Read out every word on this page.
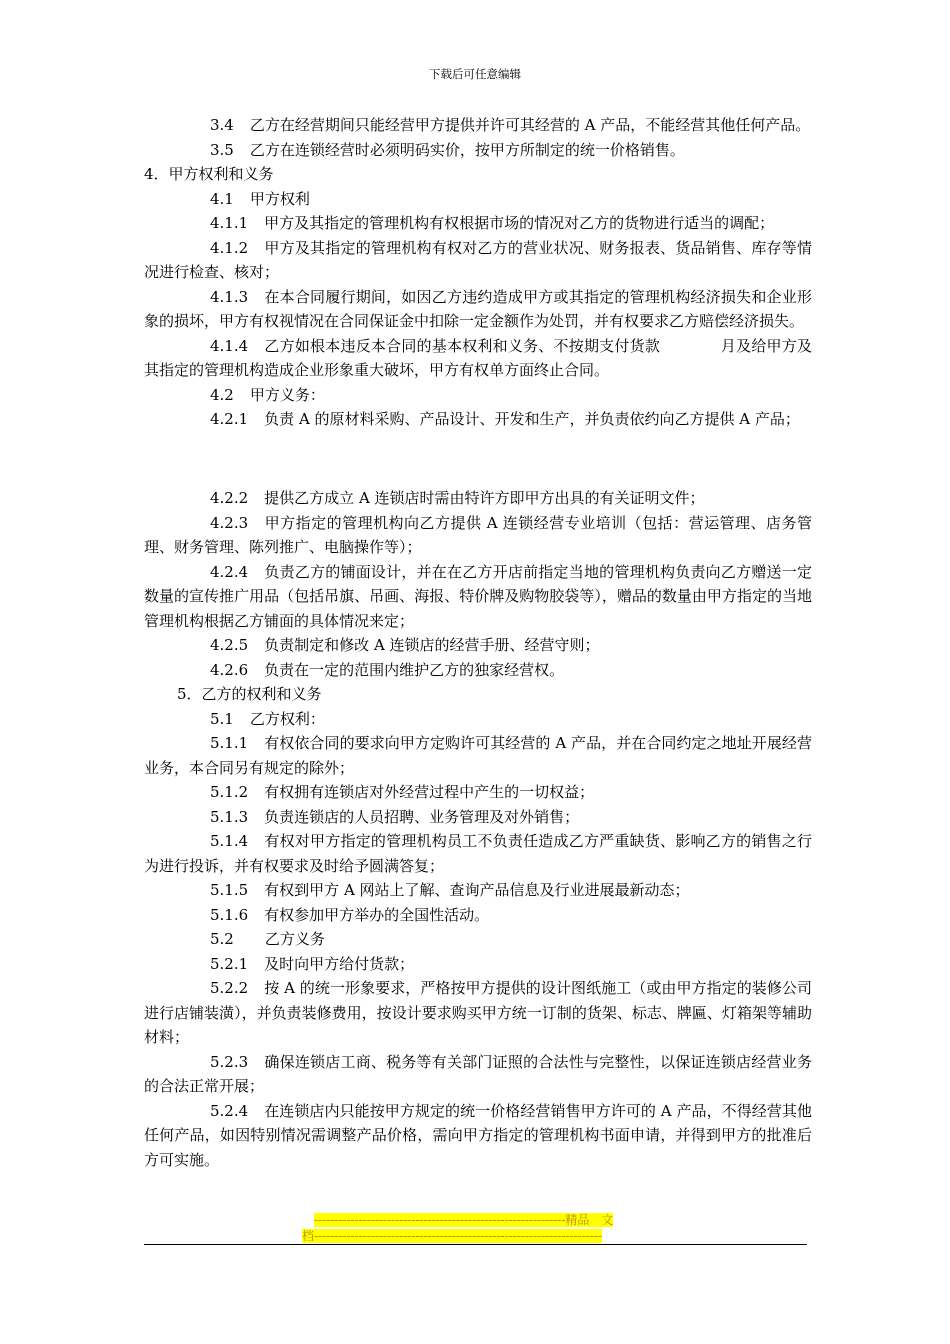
下载后可任意编辑

3.4 乙方在经营期间只能经营甲方提供并许可其经营的 A 产品，不能经营其他任何产品。

3.5 乙方在连锁经营时必须明码实价，按甲方所制定的统一价格销售。

4．甲方权利和义务

4.1 甲方权利

4.1.1 甲方及其指定的管理机构有权根据市场的情况对乙方的货物进行适当的调配；

4.1.2 甲方及其指定的管理机构有权对乙方的营业状况、财务报表、货品销售、库存等情况进行检查、核对；

4.1.3 在本合同履行期间，如因乙方违约造成甲方或其指定的管理机构经济损失和企业形象的损坏，甲方有权视情况在合同保证金中扣除一定金额作为处罚，并有权要求乙方赔偿经济损失。

4.1.4 乙方如根本违反本合同的基本权利和义务、不按期支付货款　　　　月及给甲方及其指定的管理机构造成企业形象重大破坏，甲方有权单方面终止合同。

4.2 甲方义务：

4.2.1 负责 A 的原材料采购、产品设计、开发和生产，并负责依约向乙方提供 A 产品；

4.2.2 提供乙方成立 A 连锁店时需由特许方即甲方出具的有关证明文件；

4.2.3 甲方指定的管理机构向乙方提供 A 连锁经营专业培训（包括：营运管理、店务管理、财务管理、陈列推广、电脑操作等）；

4.2.4 负责乙方的铺面设计，并在在乙方开店前指定当地的管理机构负责向乙方赠送一定数量的宣传推广用品（包括吊旗、吊画、海报、特价牌及购物胶袋等），赠品的数量由甲方指定的当地管理机构根据乙方铺面的具体情况来定；

4.2.5 负责制定和修改 A 连锁店的经营手册、经营守则；

4.2.6 负责在一定的范围内维护乙方的独家经营权。

5．乙方的权利和义务

5.1 乙方权利：

5.1.1 有权依合同的要求向甲方定购许可其经营的 A 产品，并在合同约定之地址开展经营业务，本合同另有规定的除外；

5.1.2 有权拥有连锁店对外经营过程中产生的一切权益；

5.1.3 负责连锁店的人员招聘、业务管理及对外销售；

5.1.4 有权对甲方指定的管理机构员工不负责任造成乙方严重缺货、影响乙方的销售之行为进行投诉，并有权要求及时给予圆满答复；

5.1.5 有权到甲方 A 网站上了解、查询产品信息及行业进展最新动态；

5.1.6 有权参加甲方举办的全国性活动。

5.2　乙方义务

5.2.1 及时向甲方给付货款；

5.2.2 按 A 的统一形象要求，严格按甲方提供的设计图纸施工（或由甲方指定的装修公司进行店铺装潢），并负责装修费用，按设计要求购买甲方统一订制的货架、标志、牌匾、灯箱架等辅助材料；

5.2.3 确保连锁店工商、税务等有关部门证照的合法性与完整性，以保证连锁店经营业务的合法正常开展；

5.2.4 在连锁店内只能按甲方规定的统一价格经营销售甲方许可的 A 产品，不得经营其他任何产品，如因特别情况需调整产品价格，需向甲方指定的管理机构书面申请，并得到甲方的批准后方可实施。

--------------------------------------------------------------精品　文
档-----------------------------------------------------------------------
